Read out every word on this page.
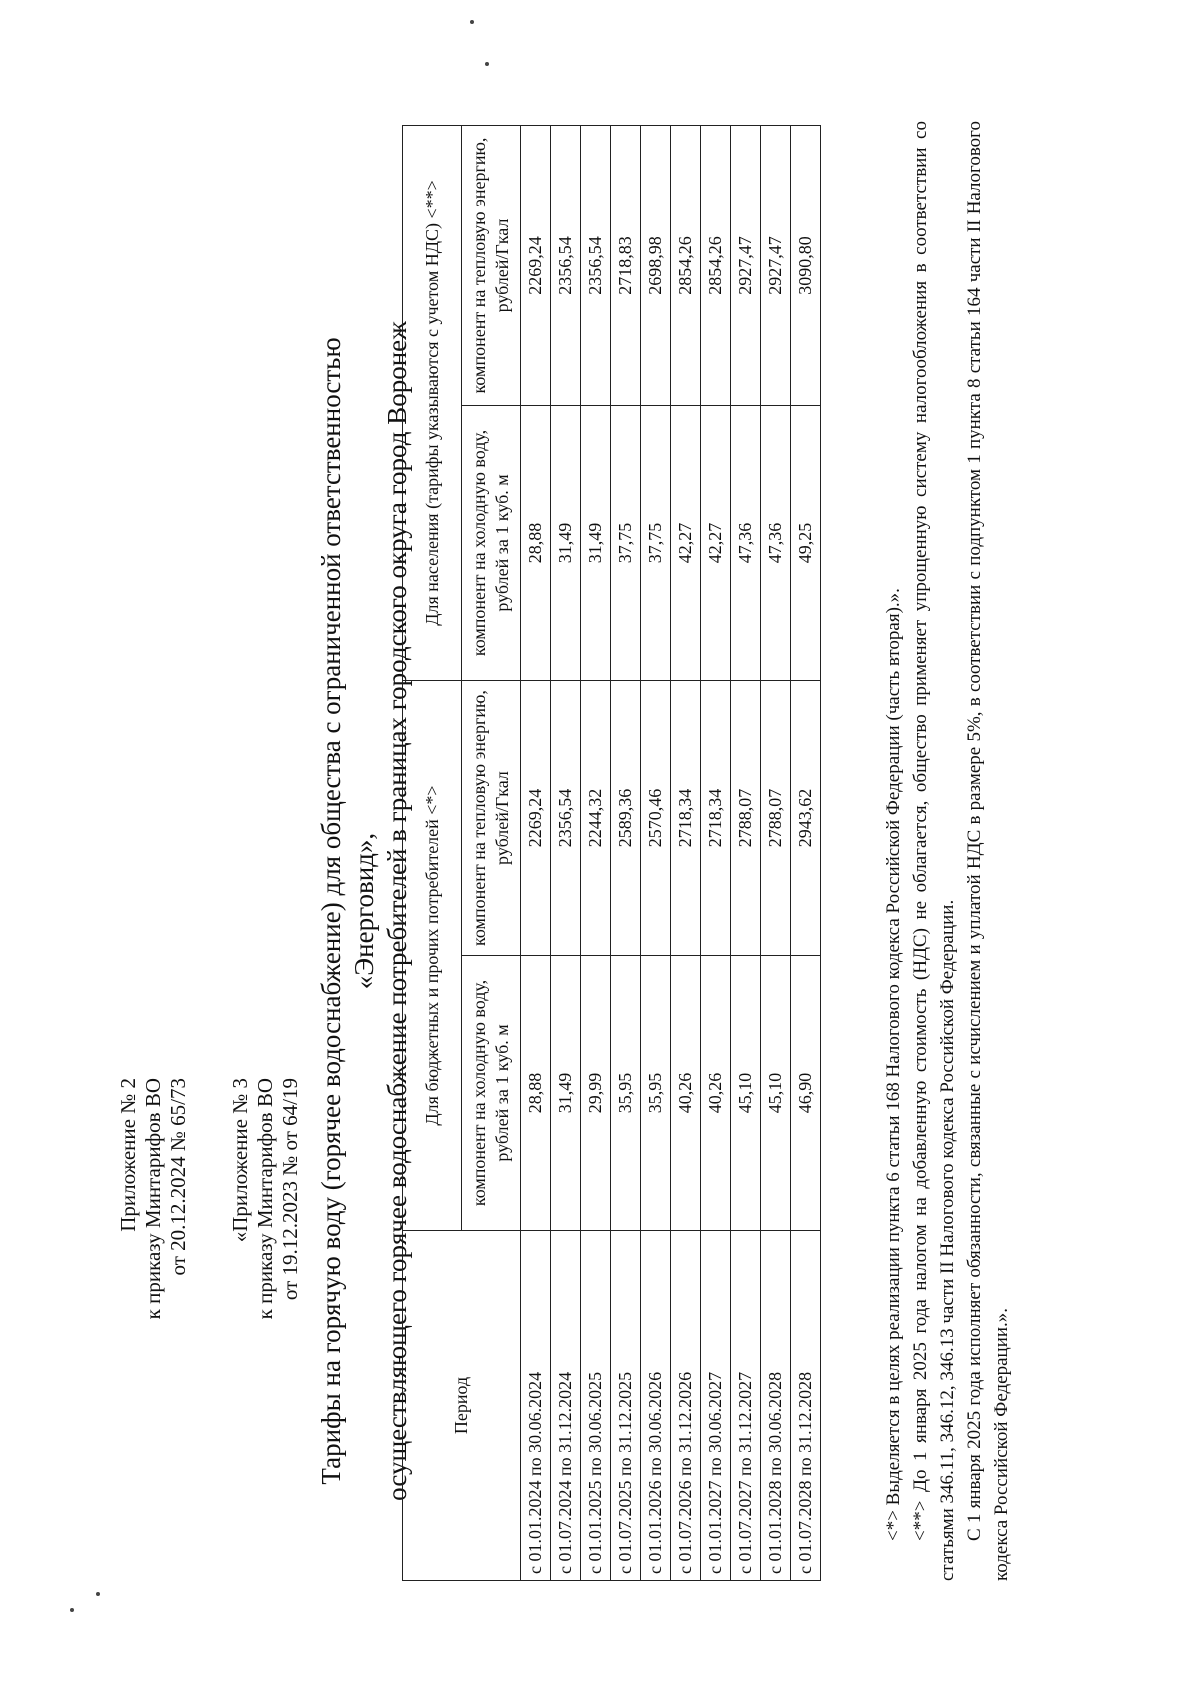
Приложение № 2 к приказу Минтарифов ВО от 20.12.2024 № 65/73 «Приложение № 3 к приказу Минтарифов ВО от 19.12.2023 № от 64/19 Тарифы на горячую воду (горячее водоснабжение) для общества с ограниченной ответственностью «Энерговид», осуществляющего горячее водоснабжение потребителей в границах городского округа город Воронеж Период	Для бюджетных и прочих потребителей <*>		Для населения (тарифы указываются с учетом НДС) <**>	
	компонент на холодную воду, рублей за 1 куб. м	компонент на тепловую энергию, рублей/Гкал	компонент на холодную воду, рублей за 1 куб. м	компонент на тепловую энергию, рублей/Гкал
с 01.01.2024 по 30.06.2024	28,88	2269,24	28,88	2269,24
с 01.07.2024 по 31.12.2024	31,49	2356,54	31,49	2356,54
с 01.01.2025 по 30.06.2025	29,99	2244,32	31,49	2356,54
с 01.07.2025 по 31.12.2025	35,95	2589,36	37,75	2718,83
с 01.01.2026 по 30.06.2026	35,95	2570,46	37,75	2698,98
с 01.07.2026 по 31.12.2026	40,26	2718,34	42,27	2854,26
с 01.01.2027 по 30.06.2027	40,26	2718,34	42,27	2854,26
с 01.07.2027 по 31.12.2027	45,10	2788,07	47,36	2927,47
с 01.01.2028 по 30.06.2028	45,10	2788,07	47,36	2927,47
с 01.07.2028 по 31.12.2028	46,90	2943,62	49,25	3090,80

<*> Выделяется в целях реализации пункта 6 статьи 168 Налогового кодекса Российской Федерации (часть вторая).». <**> До 1 января 2025 года налогом на добавленную стоимость (НДС) не облагается, общество применяет упрощенную систему налогообложения в соответствии со статьями 346.11, 346.12, 346.13 части II Налогового кодекса Российской Федерации. С 1 января 2025 года исполняет обязанности, связанные с исчислением и уплатой НДС в размере 5%, в соответствии с подпунктом 1 пункта 8 статьи 164 части II Налогового кодекса Российской Федерации.».
